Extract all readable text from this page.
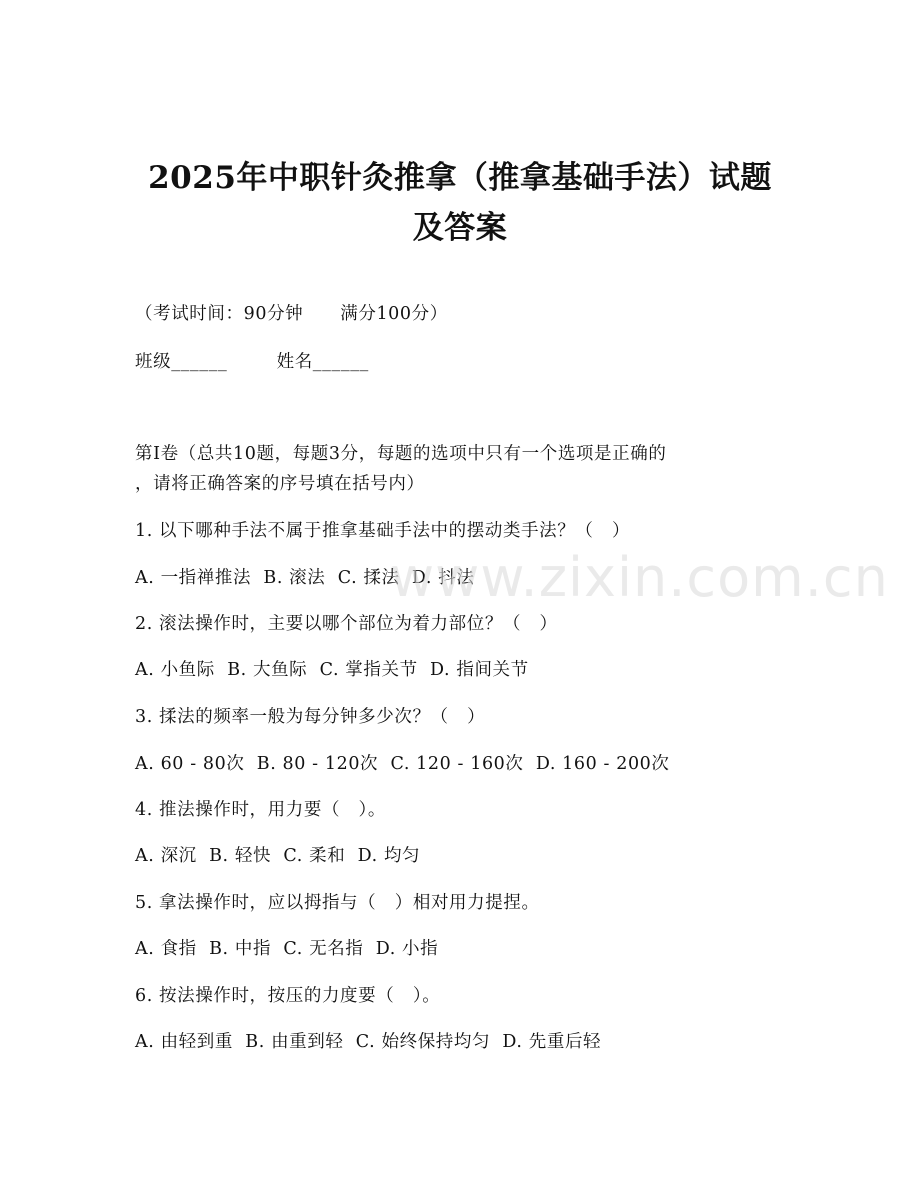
2025年中职针灸推拿（推拿基础手法）试题
及答案
（考试时间：90分钟      满分100分）
班级______        姓名______
第I卷（总共10题，每题3分，每题的选项中只有一个选项是正确的
，请将正确答案的序号填在括号内）
1. 以下哪种手法不属于推拿基础手法中的摆动类手法？（   ）
A. 一指禅推法  B. 滚法  C. 揉法  D. 抖法
2. 滚法操作时，主要以哪个部位为着力部位？（   ）
A. 小鱼际  B. 大鱼际  C. 掌指关节  D. 指间关节
3. 揉法的频率一般为每分钟多少次？（   ）
A. 60 - 80次  B. 80 - 120次  C. 120 - 160次  D. 160 - 200次
4. 推法操作时，用力要（   ）。
A. 深沉  B. 轻快  C. 柔和  D. 均匀
5. 拿法操作时，应以拇指与（   ）相对用力提捏。
A. 食指  B. 中指  C. 无名指  D. 小指
6. 按法操作时，按压的力度要（   ）。
A. 由轻到重  B. 由重到轻  C. 始终保持均匀  D. 先重后轻
www.zixin.com.cn
